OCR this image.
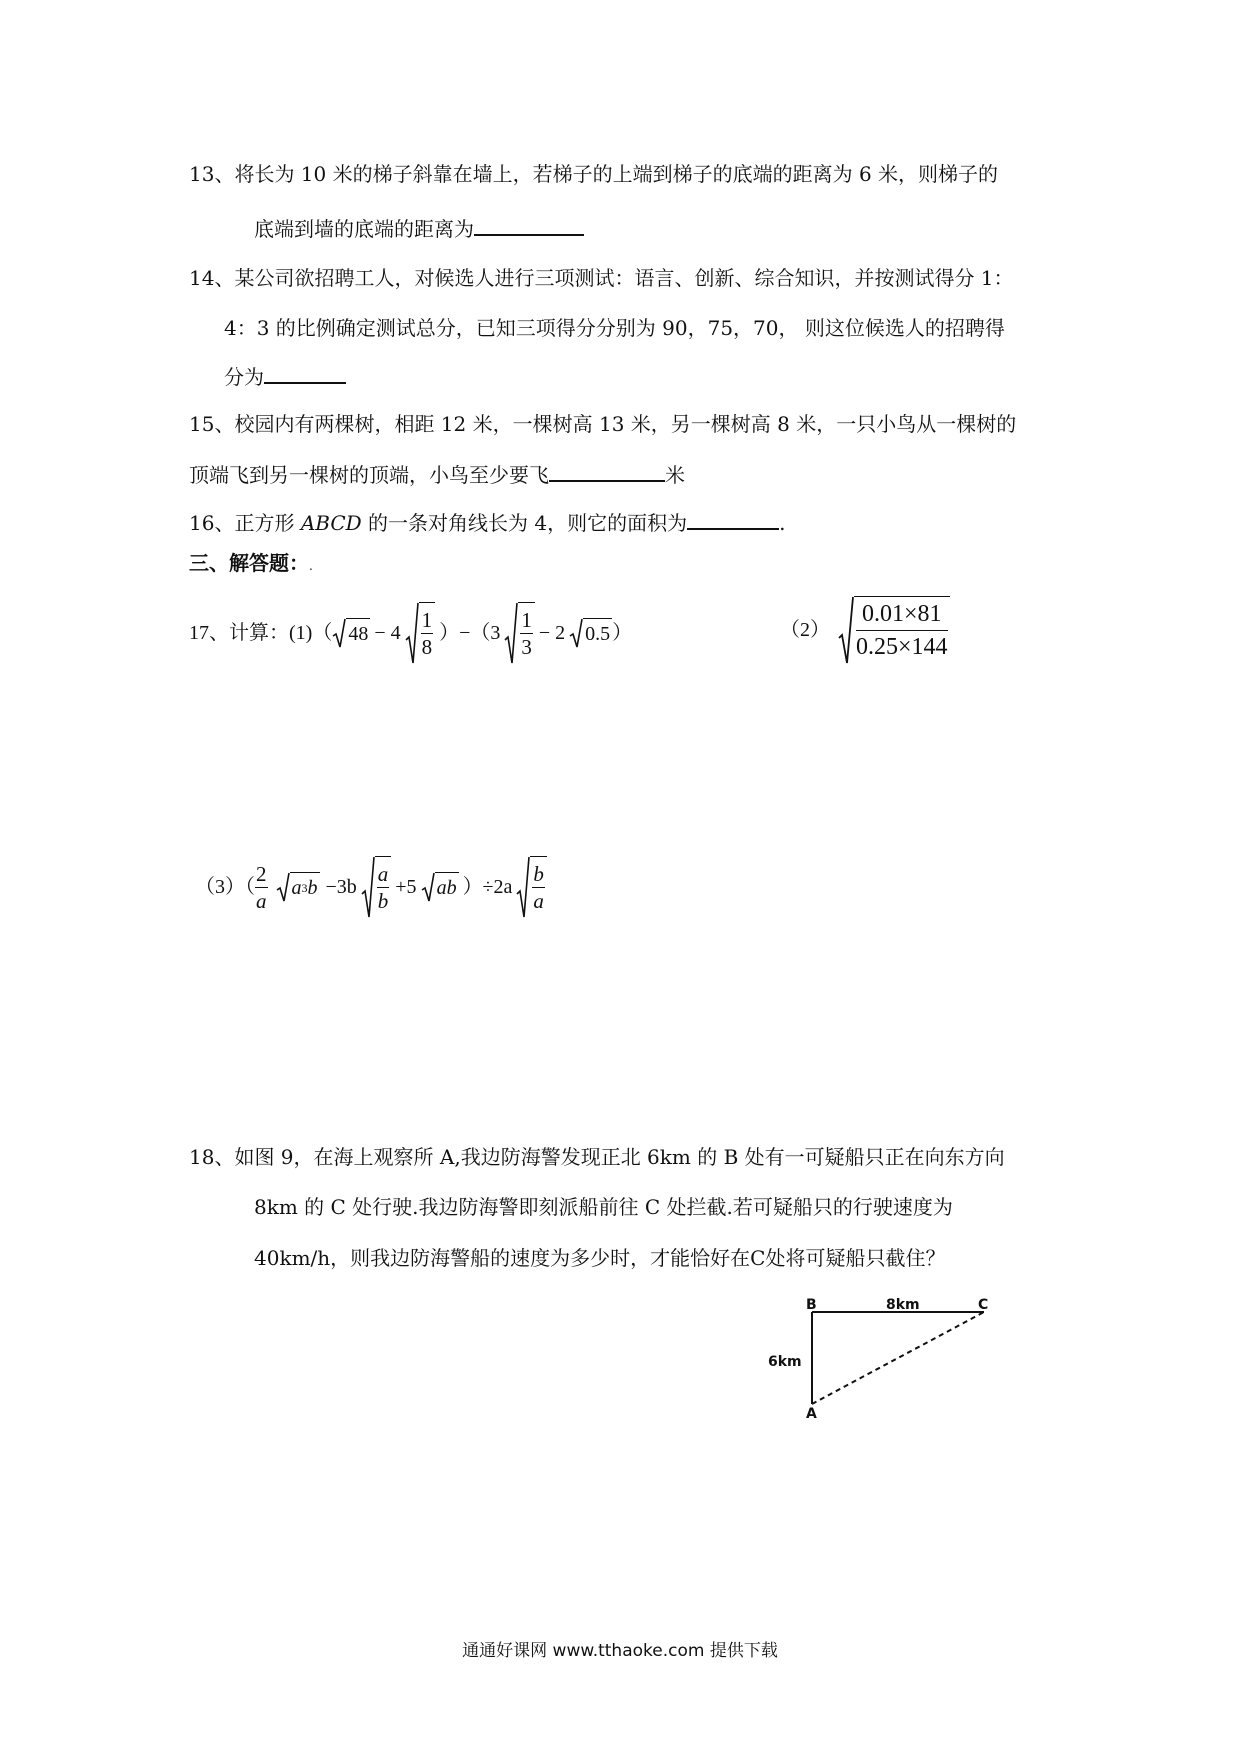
13、将长为 10 米的梯子斜靠在墙上，若梯子的上端到梯子的底端的距离为 6 米，则梯子的
底端到墙的底端的距离为
14、某公司欲招聘工人，对候选人进行三项测试：语言、创新、综合知识，并按测试得分 1：
4：3 的比例确定测试总分，已知三项得分分别为 90，75，70， 则这位候选人的招聘得
分为
15、校园内有两棵树，相距 12 米，一棵树高 13 米，另一棵树高 8 米，一只小鸟从一棵树的
顶端飞到另一棵树的顶端，小鸟至少要飞	米
16、正方形 ABCD 的一条对角线长为 4，则它的面积为	.
三、解答题：.
17、计算：(1)（ $48 - 4 \frac{1}{8} )-(3 \frac{1}{3} - 2$ 0.5 ）	$(2) \frac{0.01\times 81}{0.25\times 144}$
$(3)( \frac{2}{a}$ a 3 $b -3b \frac{a}{b} +5$ ab ）$\div 2a \frac{b}{a}$
18、如图 9，在海上观察所 A,我边防海警发现正北 6km 的 B 处有一可疑船只正在向东方向
8km 的 C 处行驶.我边防海警即刻派船前往 C 处拦截.若可疑船只的行驶速度为
40km/h，则我边防海警船的速度为多少时，才能恰好在C处将可疑船只截住？
B	8km	C
6km
A
通通好课网 www.tthaoke.com 提供下载
